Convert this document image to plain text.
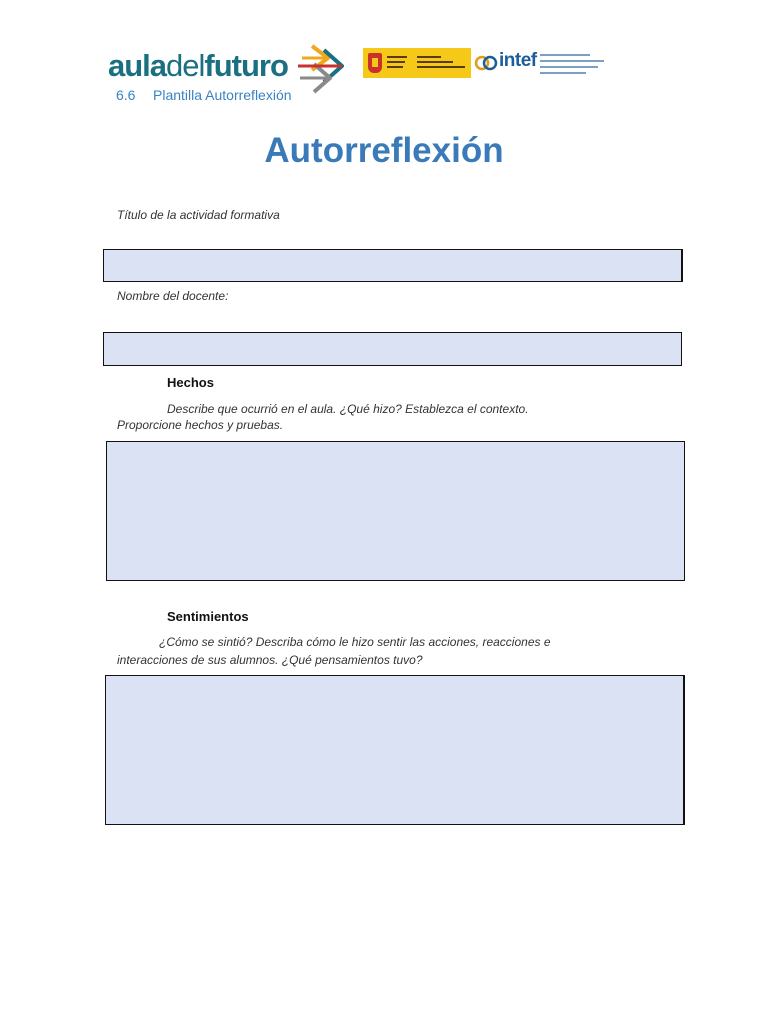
auladelfuturo	intef
6.6 Plantilla Autorreflexión
Autorreflexión
Título de la actividad formativa
Nombre del docente:
Hechos
Describe que ocurrió en el aula. ¿Qué hizo? Establezca el contexto.
Proporcione hechos y pruebas.
Sentimientos
¿Cómo se sintió? Describa cómo le hizo sentir las acciones, reacciones e
interacciones de sus alumnos. ¿Qué pensamientos tuvo?
